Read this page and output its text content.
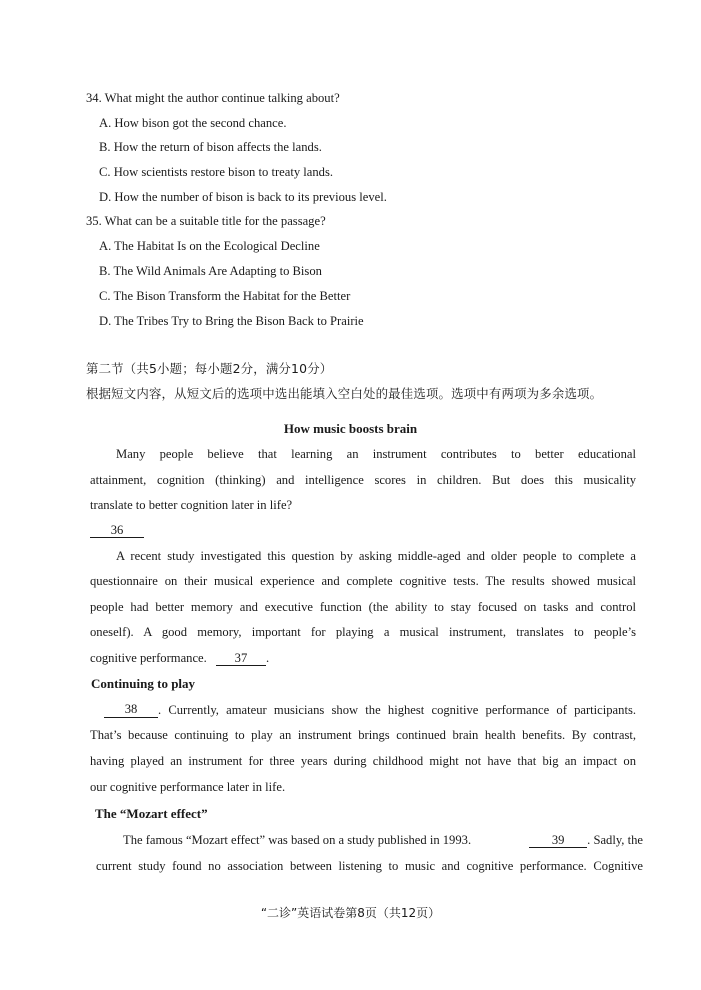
34. What might the author continue talking about?
A. How bison got the second chance.
B. How the return of bison affects the lands.
C. How scientists restore bison to treaty lands.
D. How the number of bison is back to its previous level.
35. What can be a suitable title for the passage?
A. The Habitat Is on the Ecological Decline
B. The Wild Animals Are Adapting to Bison
C. The Bison Transform the Habitat for the Better
D. The Tribes Try to Bring the Bison Back to Prairie
第二节（共5小题；每小题2分，满分10分）
根据短文内容，从短文后的选项中选出能填入空白处的最佳选项。选项中有两项为多余选项。
How music boosts brain
Many people believe that learning an instrument contributes to better educational
attainment, cognition (thinking) and intelligence scores in children. But does this musicality
translate to better cognition later in life?
36
A recent study investigated this question by asking middle-aged and older people to complete a
questionnaire on their musical experience and complete cognitive tests. The results showed musical
people had better memory and executive function (the ability to stay focused on tasks and control
oneself). A good memory, important for playing a musical instrument, translates to people’s
cognitive performance. 37 .
Continuing to play
38	. Currently, amateur musicians show the highest cognitive performance of participants.
That’s because continuing to play an instrument brings continued brain health benefits. By contrast,
having played an instrument for three years during childhood might not have that big an impact on
our cognitive performance later in life.
The “Mozart effect”
The famous “Mozart effect” was based on a study published in 1993.	39	. Sadly, the
current study found no association between listening to music and cognitive performance. Cognitive
“二诊”英语试卷第8页（共12页）
